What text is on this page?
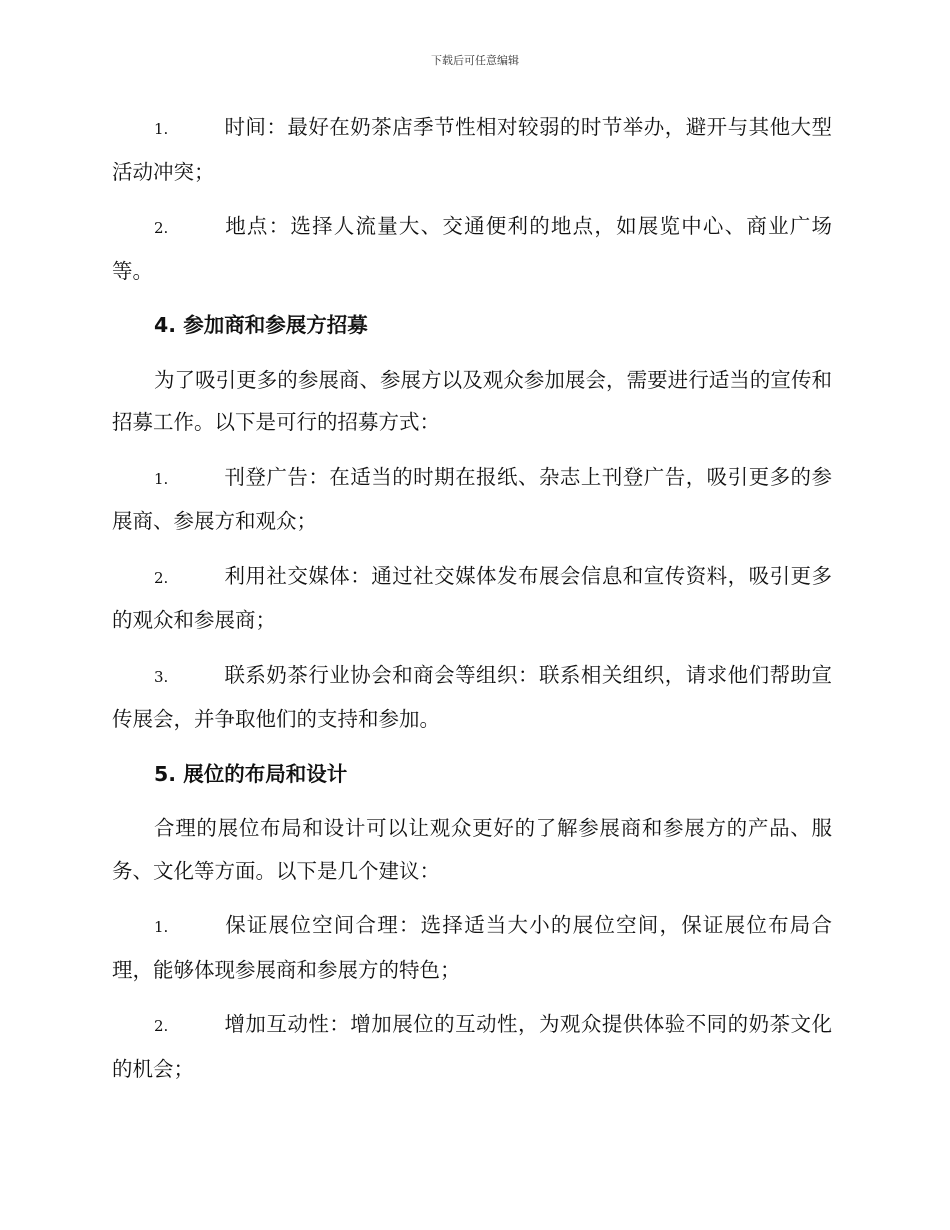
下载后可任意编辑

1.	时间：最好在奶茶店季节性相对较弱的时节举办，避开与其他大型活动冲突；

2.	地点：选择人流量大、交通便利的地点，如展览中心、商业广场等。

4. 参加商和参展方招募

为了吸引更多的参展商、参展方以及观众参加展会，需要进行适当的宣传和招募工作。以下是可行的招募方式：

1.	刊登广告：在适当的时期在报纸、杂志上刊登广告，吸引更多的参展商、参展方和观众；

2.	利用社交媒体：通过社交媒体发布展会信息和宣传资料，吸引更多的观众和参展商；

3.	联系奶茶行业协会和商会等组织：联系相关组织，请求他们帮助宣传展会，并争取他们的支持和参加。

5. 展位的布局和设计

合理的展位布局和设计可以让观众更好的了解参展商和参展方的产品、服务、文化等方面。以下是几个建议：

1.	保证展位空间合理：选择适当大小的展位空间，保证展位布局合理，能够体现参展商和参展方的特色；

2.	增加互动性：增加展位的互动性，为观众提供体验不同的奶茶文化的机会；
